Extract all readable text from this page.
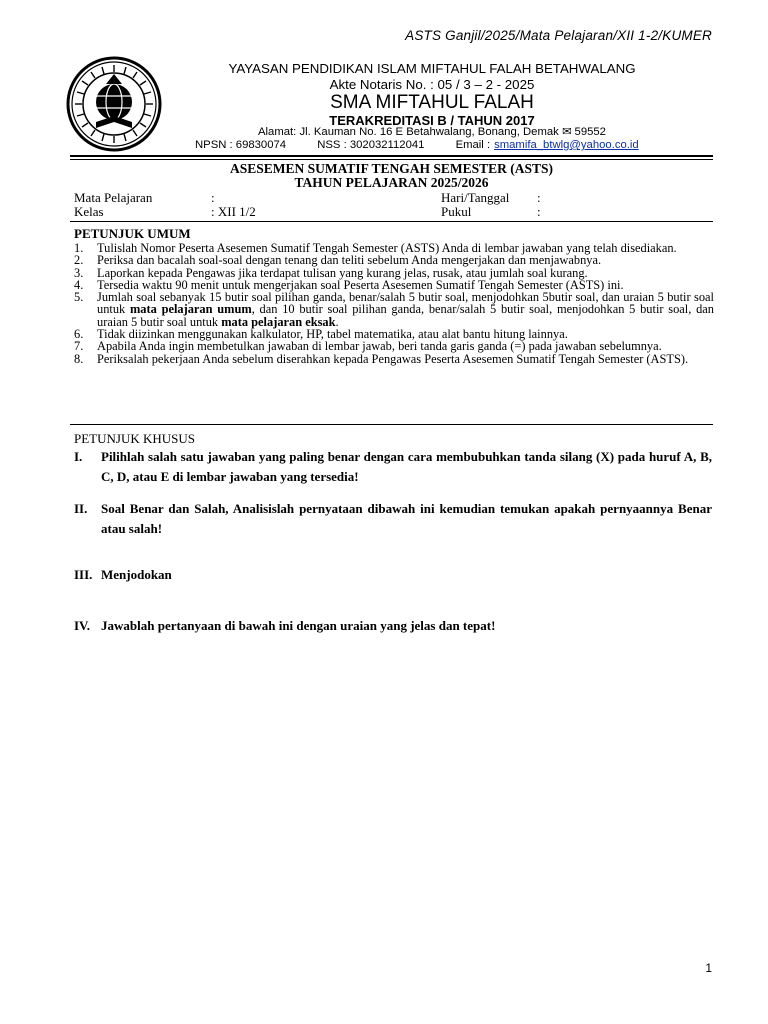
ASTS Ganjil/2025/Mata Pelajaran/XII 1-2/KUMER
YAYASAN PENDIDIKAN ISLAM MIFTAHUL FALAH BETAHWALANG
Akte Notaris No. : 05 / 3 – 2 - 2025
SMA MIFTAHUL FALAH
TERAKREDITASI B / TAHUN 2017
Alamat: Jl. Kauman No. 16 E Betahwalang, Bonang, Demak ✉ 59552
NPSN : 69830074	NSS : 302032112041	Email : smamifa_btwlg@yahoo.co.id
ASESEMEN SUMATIF TENGAH SEMESTER (ASTS)
TAHUN PELAJARAN 2025/2026
Mata Pelajaran	:	Hari/Tanggal :
Kelas	: XII 1/2	Pukul	:
PETUNJUK UMUM
1. Tulislah Nomor Peserta Asesemen Sumatif Tengah Semester (ASTS) Anda di lembar jawaban yang telah disediakan.
2. Periksa dan bacalah soal-soal dengan tenang dan teliti sebelum Anda mengerjakan dan menjawabnya.
3. Laporkan kepada Pengawas jika terdapat tulisan yang kurang jelas, rusak, atau jumlah soal kurang.
4. Tersedia waktu 90 menit untuk mengerjakan soal Peserta Asesemen Sumatif Tengah Semester (ASTS) ini.
5. Jumlah soal sebanyak 15 butir soal pilihan ganda, benar/salah 5 butir soal, menjodohkan 5butir soal, dan uraian 5 butir soal untuk mata pelajaran umum, dan 10 butir soal pilihan ganda, benar/salah 5 butir soal, menjodohkan 5 butir soal, dan uraian 5 butir soal untuk mata pelajaran eksak.
6. Tidak diizinkan menggunakan kalkulator, HP, tabel matematika, atau alat bantu hitung lainnya.
7. Apabila Anda ingin membetulkan jawaban di lembar jawab, beri tanda garis ganda (=) pada jawaban sebelumnya.
8. Periksalah pekerjaan Anda sebelum diserahkan kepada Pengawas Peserta Asesemen Sumatif Tengah Semester (ASTS).
PETUNJUK KHUSUS
I.	Pilihlah salah satu jawaban yang paling benar dengan cara membubuhkan tanda silang (X) pada huruf A, B, C, D, atau E di lembar jawaban yang tersedia!
II.	Soal Benar dan Salah, Analisislah pernyataan dibawah ini kemudian temukan apakah pernyaannya Benar atau salah!
III. Menjodokan
IV. Jawablah pertanyaan di bawah ini dengan uraian yang jelas dan tepat!
1
